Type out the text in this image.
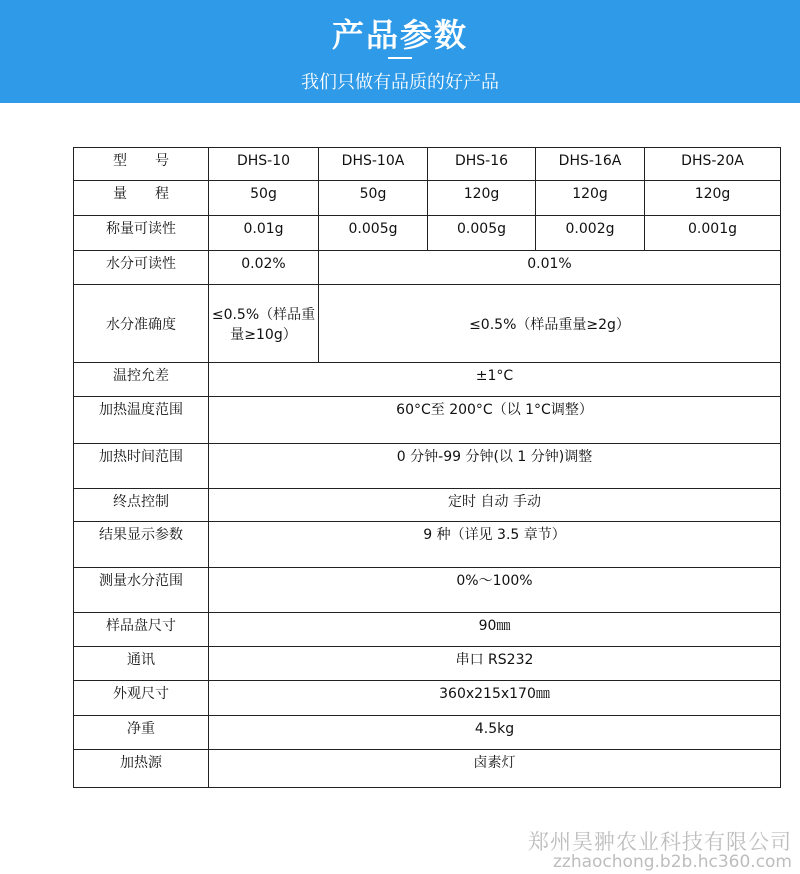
产品参数
我们只做有品质的好产品
型　　号	DHS-10	DHS-10A	DHS-16	DHS-16A	DHS-20A
量　　程	50g	50g	120g	120g	120g
称量可读性	0.01g	0.005g	0.005g	0.002g	0.001g
水分可读性	0.02%	0.01%			
水分准确度	≤0.5%（样品重量≥10g）	≤0.5%（样品重量≥2g）			
温控允差	±1°C				
加热温度范围	60°C至 200°C（以 1°C调整）				
加热时间范围	0 分钟-99 分钟(以 1 分钟)调整				
终点控制	定时 自动 手动				
结果显示参数	9 种（详见 3.5 章节）				
测量水分范围	0%～100%				
样品盘尺寸	90㎜				
通讯	串口 RS232				
外观尺寸	360x215x170㎜				
净重	4.5kg				
加热源	卤素灯				
郑州昊翀农业科技有限公司
zzhaochong.b2b.hc360.com
